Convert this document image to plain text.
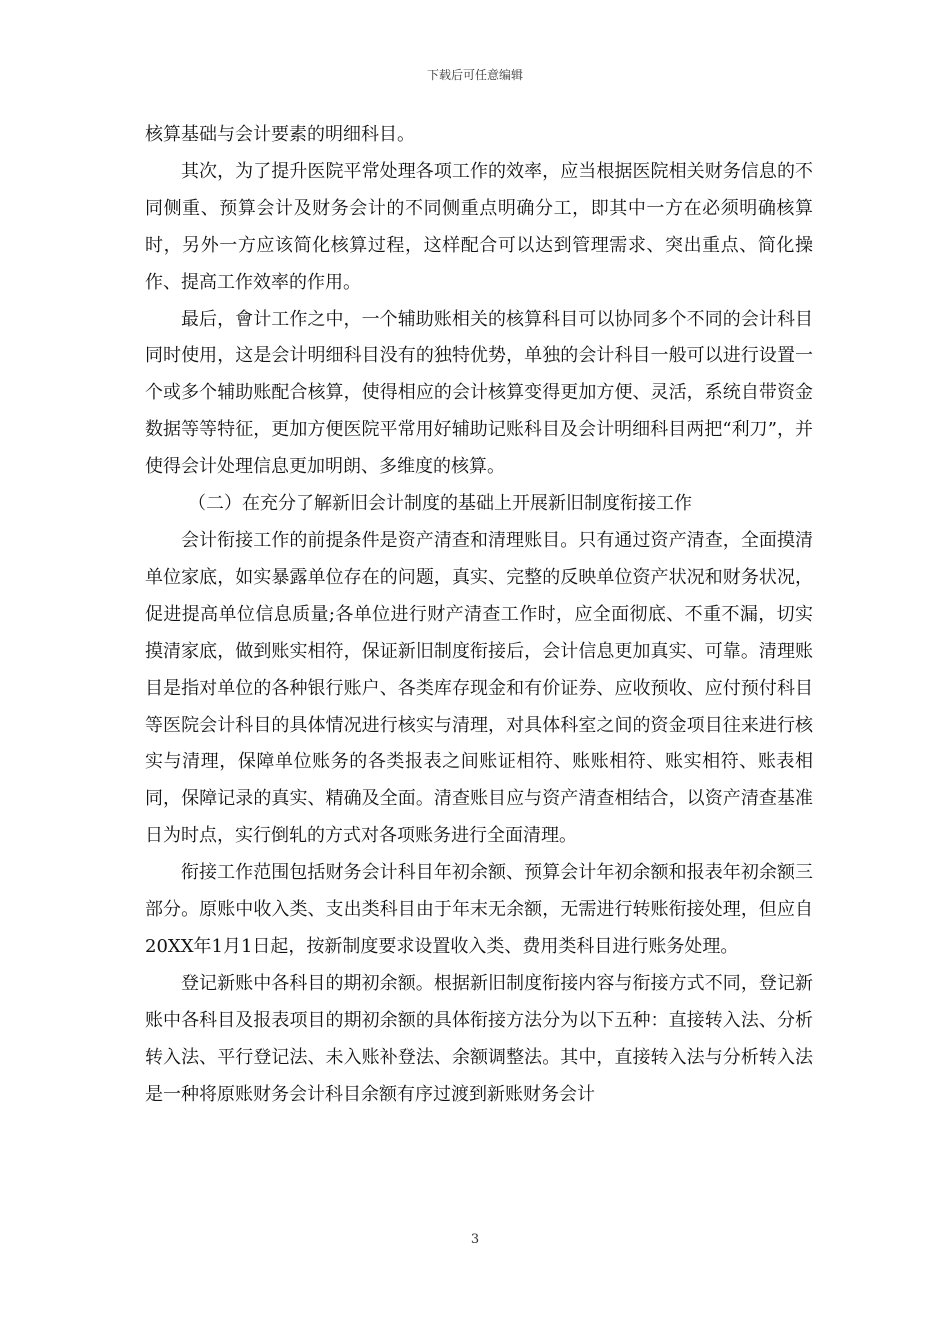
下载后可任意编辑

核算基础与会计要素的明细科目。

其次，为了提升医院平常处理各项工作的效率，应当根据医院相关财务信息的不同侧重、预算会计及财务会计的不同侧重点明确分工，即其中一方在必须明确核算时，另外一方应该简化核算过程，这样配合可以达到管理需求、突出重点、简化操作、提高工作效率的作用。

最后，會计工作之中，一个辅助账相关的核算科目可以协同多个不同的会计科目同时使用，这是会计明细科目没有的独特优势，单独的会计科目一般可以进行设置一个或多个辅助账配合核算，使得相应的会计核算变得更加方便、灵活，系统自带资金数据等等特征，更加方便医院平常用好辅助记账科目及会计明细科目两把“利刀”，并使得会计处理信息更加明朗、多维度的核算。

（二）在充分了解新旧会计制度的基础上开展新旧制度衔接工作

会计衔接工作的前提条件是资产清查和清理账目。只有通过资产清查，全面摸清单位家底，如实暴露单位存在的问题，真实、完整的反映单位资产状况和财务状况，促进提高单位信息质量;各单位进行财产清查工作时，应全面彻底、不重不漏，切实摸清家底，做到账实相符，保证新旧制度衔接后，会计信息更加真实、可靠。清理账目是指对单位的各种银行账户、各类库存现金和有价证券、应收预收、应付预付科目等医院会计科目的具体情况进行核实与清理，对具体科室之间的资金项目往来进行核实与清理，保障单位账务的各类报表之间账证相符、账账相符、账实相符、账表相同，保障记录的真实、精确及全面。清查账目应与资产清查相结合，以资产清查基准日为时点，实行倒轧的方式对各项账务进行全面清理。

衔接工作范围包括财务会计科目年初余额、预算会计年初余额和报表年初余额三部分。原账中收入类、支出类科目由于年末无余额，无需进行转账衔接处理，但应自20XX年1月1日起，按新制度要求设置收入类、费用类科目进行账务处理。

登记新账中各科目的期初余额。根据新旧制度衔接内容与衔接方式不同，登记新账中各科目及报表项目的期初余额的具体衔接方法分为以下五种：直接转入法、分析转入法、平行登记法、未入账补登法、余额调整法。其中，直接转入法与分析转入法是一种将原账财务会计科目余额有序过渡到新账财务会计

3
